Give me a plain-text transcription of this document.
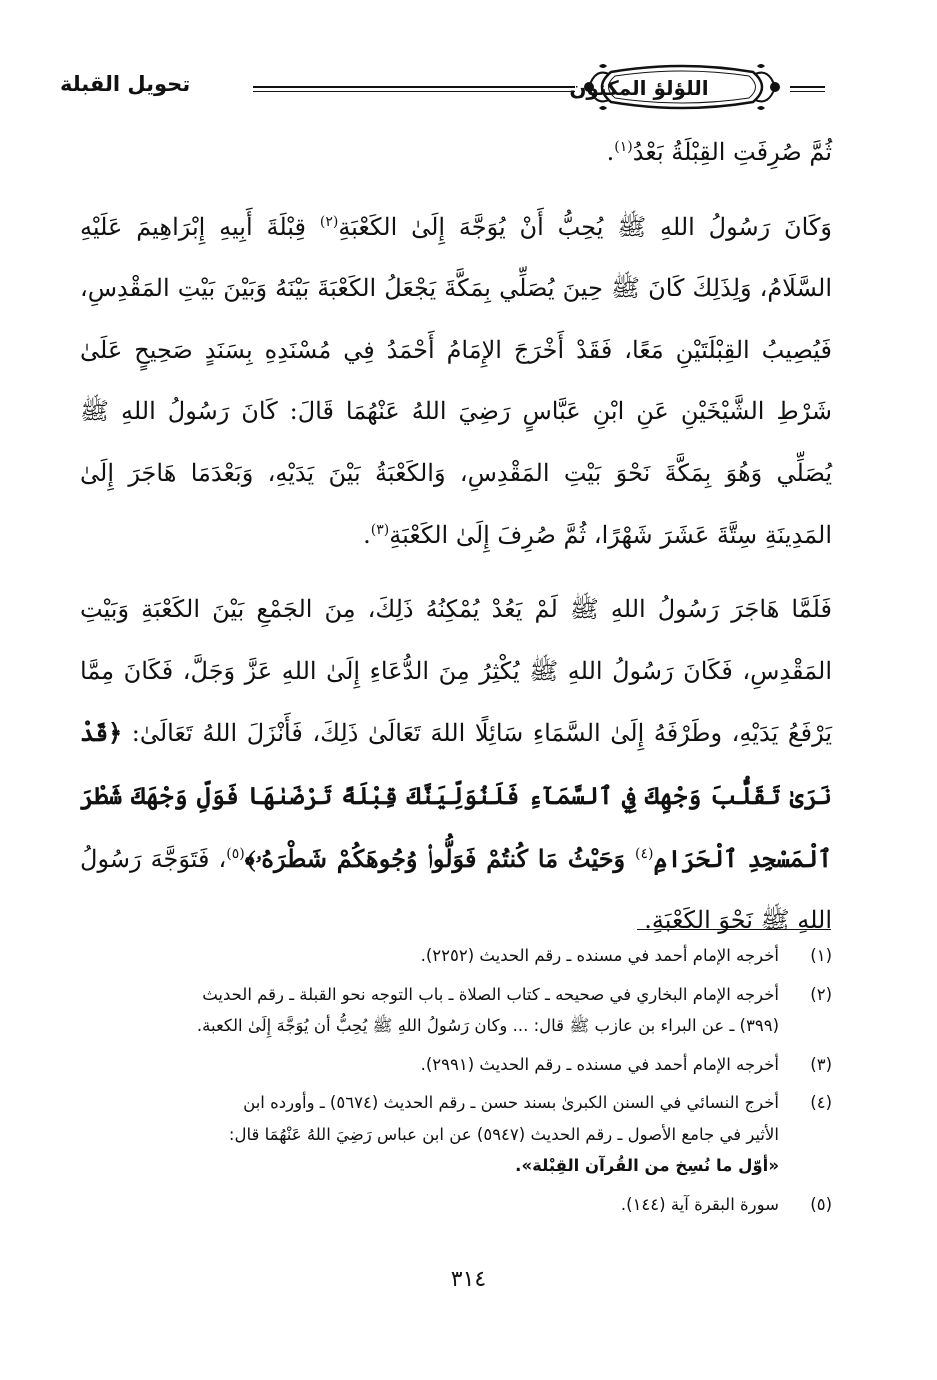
اللؤلؤ المكنون
تحويل القبلة

ثُمَّ صُرِفَتِ القِبْلَةُ بَعْدُ$^{(١)}$.

وَكَانَ رَسُولُ اللهِ ﷺ يُحِبُّ أَنْ يُوَجَّهَ إِلَىٰ الكَعْبَةِ$^{(٢)}$ قِبْلَةَ أَبِيهِ إِبْرَاهِيمَ عَلَيْهِ السَّلَامُ، وَلِذَلِكَ كَانَ ﷺ حِينَ يُصَلِّي بِمَكَّةَ يَجْعَلُ الكَعْبَةَ بَيْنَهُ وَبَيْنَ بَيْتِ المَقْدِسِ، فَيُصِيبُ القِبْلَتَيْنِ مَعًا، فَقَدْ أَخْرَجَ الإِمَامُ أَحْمَدُ فِي مُسْنَدِهِ بِسَنَدٍ صَحِيحٍ عَلَىٰ شَرْطِ الشَّيْخَيْنِ عَنِ ابْنِ عَبَّاسٍ رَضِيَ اللهُ عَنْهُمَا قَالَ: كَانَ رَسُولُ اللهِ ﷺ يُصَلِّي وَهُوَ بِمَكَّةَ نَحْوَ بَيْتِ المَقْدِسِ، وَالكَعْبَةُ بَيْنَ يَدَيْهِ، وَبَعْدَمَا هَاجَرَ إِلَىٰ المَدِينَةِ سِتَّةَ عَشَرَ شَهْرًا، ثُمَّ صُرِفَ إِلَىٰ الكَعْبَةِ$^{(٣)}$.

فَلَمَّا هَاجَرَ رَسُولُ اللهِ ﷺ لَمْ يَعُدْ يُمْكِنُهُ ذَلِكَ، مِنَ الجَمْعِ بَيْنَ الكَعْبَةِ وَبَيْتِ المَقْدِسِ، فَكَانَ رَسُولُ اللهِ ﷺ يُكْثِرُ مِنَ الدُّعَاءِ إِلَىٰ اللهِ عَزَّ وَجَلَّ، فَكَانَ مِمَّا يَرْفَعُ يَدَيْهِ، وطَرْفَهُ إِلَىٰ السَّمَاءِ سَائِلًا اللهَ تَعَالَىٰ ذَلِكَ، فَأَنْزَلَ اللهُ تَعَالَىٰ: ﴿قَدْ نَرَىٰ تَقَلُّبَ وَجْهِكَ فِي ٱلسَّمَآءِ فَلَنُوَلِّيَنَّكَ قِبْلَةً تَرْضَىٰهَا فَوَلِّ وَجْهَكَ شَطْرَ ٱلْمَسْجِدِ ٱلْحَرَامِ$^{(٤)}$ وَحَيْثُ مَا كُنتُمْ فَوَلُّوا۟ وُجُوهَكُمْ شَطْرَهُۥ﴾$^{(٥)}$، فَتَوَجَّهَ رَسُولُ اللهِ ﷺ نَحْوَ الكَعْبَةِ.

(١)
أخرجه الإمام أحمد في مسنده ـ رقم الحديث (٢٢٥٢).
(٢)
أخرجه الإمام البخاري في صحيحه ـ كتاب الصلاة ـ باب التوجه نحو القبلة ـ رقم الحديث
(٣٩٩) ـ عن البراء بن عازب ﷺ قال: ... وكان رَسُولُ اللهِ ﷺ يُحِبُّ أن يُوَجَّهَ إِلَىٰ الكعبة.
(٣)
أخرجه الإمام أحمد في مسنده ـ رقم الحديث (٢٩٩١).
(٤)
أخرج النسائي في السنن الكبرىٰ بسند حسن ـ رقم الحديث (٥٦٧٤) ـ وأورده ابن
الأثير في جامع الأصول ـ رقم الحديث (٥٩٤٧) عن ابن عباس رَضِيَ اللهُ عَنْهُمَا قال:
«أوّل ما نُسِخ من القُرآن القِبْلة».
(٥)
سورة البقرة آية (١٤٤).
٣١٤
